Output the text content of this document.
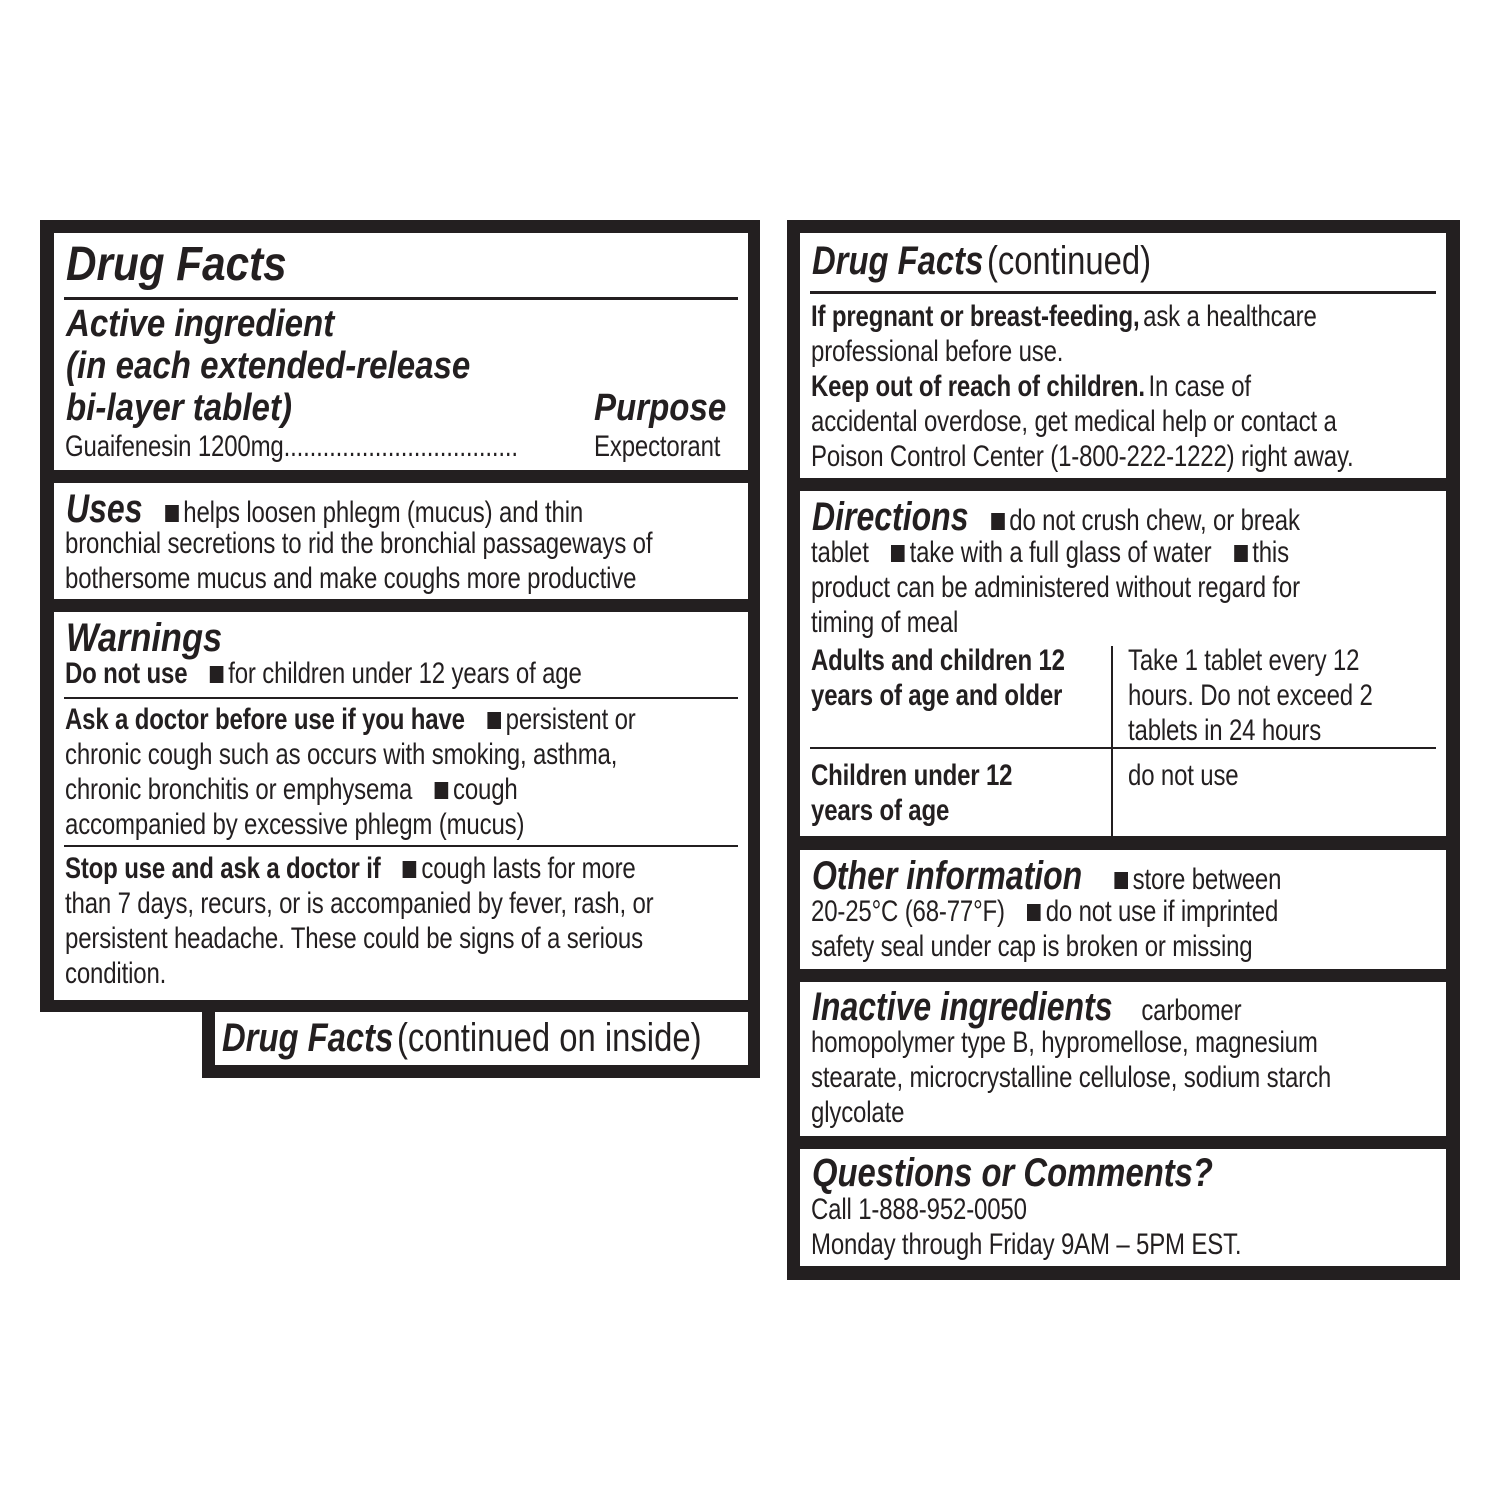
Drug Facts
Active ingredient
(in each extended-release
bi-layer tablet)	Purpose
Guaifenesin 1200mg....................................	Expectorant
Uses helps loosen phlegm (mucus) and thin
bronchial secretions to rid the bronchial passageways of
bothersome mucus and make coughs more productive
Warnings
Do not use for children under 12 years of age
Ask a doctor before use if you have persistent or
chronic cough such as occurs with smoking, asthma,
chronic bronchitis or emphysema cough
accompanied by excessive phlegm (mucus)
Stop use and ask a doctor if cough lasts for more
than 7 days, recurs, or is accompanied by fever, rash, or
persistent headache. These could be signs of a serious
condition.
Drug Facts (continued on inside)
Drug Facts (continued)
If pregnant or breast-feeding, ask a healthcare
professional before use.
Keep out of reach of children. In case of
accidental overdose, get medical help or contact a
Poison Control Center (1-800-222-1222) right away.
Directions do not crush chew, or break
tablet take with a full glass of water this
product can be administered without regard for
timing of meal
Adults and children 12
years of age and older
Take 1 tablet every 12
hours. Do not exceed 2
tablets in 24 hours
Children under 12
years of age
do not use
Other information store between
20-25°C (68-77°F) do not use if imprinted
safety seal under cap is broken or missing
Inactive ingredients carbomer
homopolymer type B, hypromellose, magnesium
stearate, microcrystalline cellulose, sodium starch
glycolate
Questions or Comments?
Call 1-888-952-0050
Monday through Friday 9AM – 5PM EST.
